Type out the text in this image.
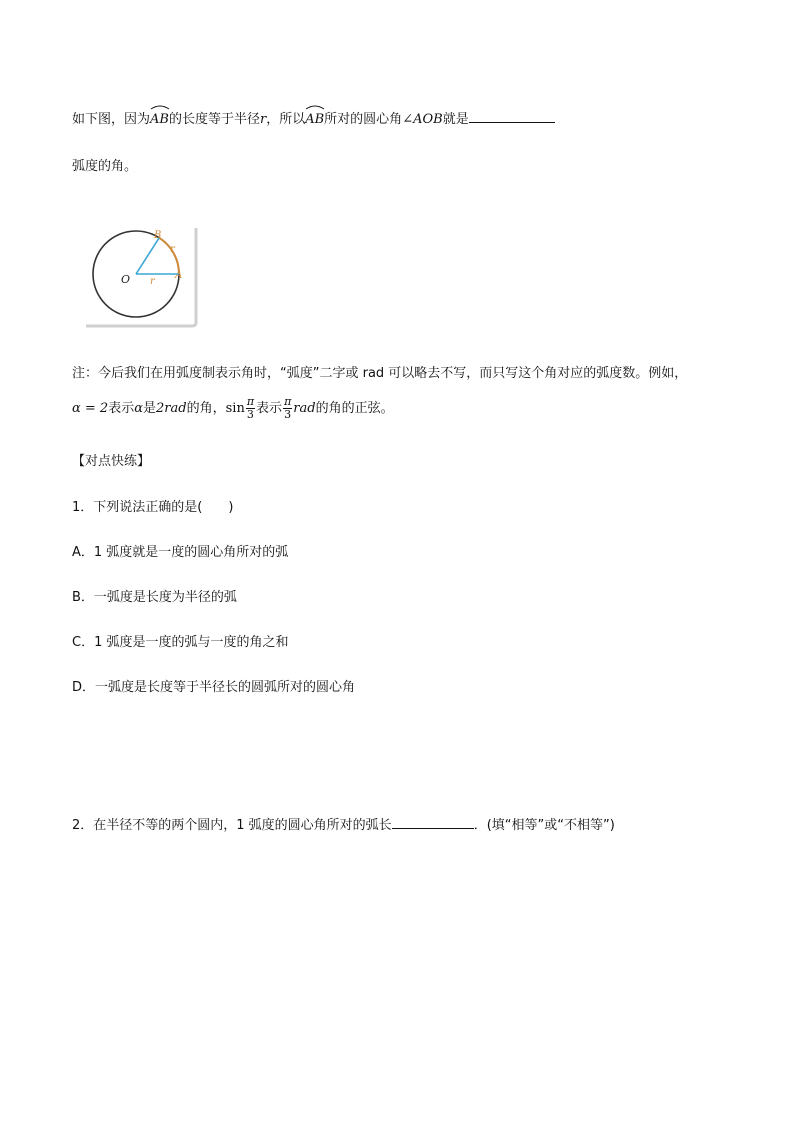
如下图，因为
AB的长度等于半径r，所以
AB所对的圆心角∠AOB就是
弧度的角。
O	A
B
r
r
注：今后我们在用弧度制表示角时，“弧度”二字或 rad 可以略去不写，而只写这个角对应的弧度数。例如，
α = 2表示α是2rad的角，$\sin \frac{\pi}{3}$ 表示 $\frac{\pi}{3}$ rad的角的正弦。
【对点快练】
1．下列说法正确的是(　　)
A．1 弧度就是一度的圆心角所对的弧
B．一弧度是长度为半径的弧
C．1 弧度是一度的弧与一度的角之和
D．一弧度是长度等于半径长的圆弧所对的圆心角
2．在半径不等的两个圆内，1 弧度的圆心角所对的弧长	．(填“相等”或“不相等”)
